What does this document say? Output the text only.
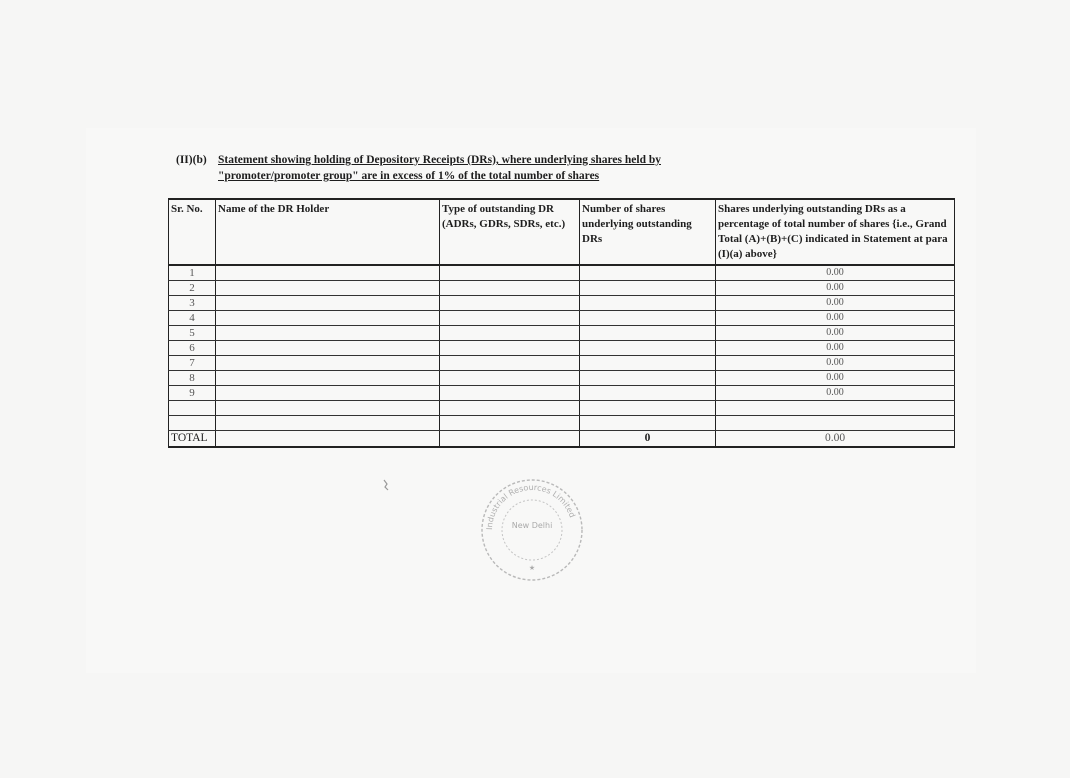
(II)(b) Statement showing holding of Depository Receipts (DRs), where underlying shares held by "promoter/promoter group" are in excess of 1% of the total number of shares
Sr. No.	Name of the DR Holder	Type of outstanding DR (ADRs, GDRs, SDRs, etc.)	Number of shares underlying outstanding DRs	Shares underlying outstanding DRs as a percentage of total number of shares {i.e., Grand Total (A)+(B)+(C) indicated in Statement at para (I)(a) above}
1				0.00
2				0.00
3				0.00
4				0.00
5				0.00
6				0.00
7				0.00
8				0.00
9				0.00

TOTAL			0	0.00
Industrial Resources Limited
New Delhi
★
